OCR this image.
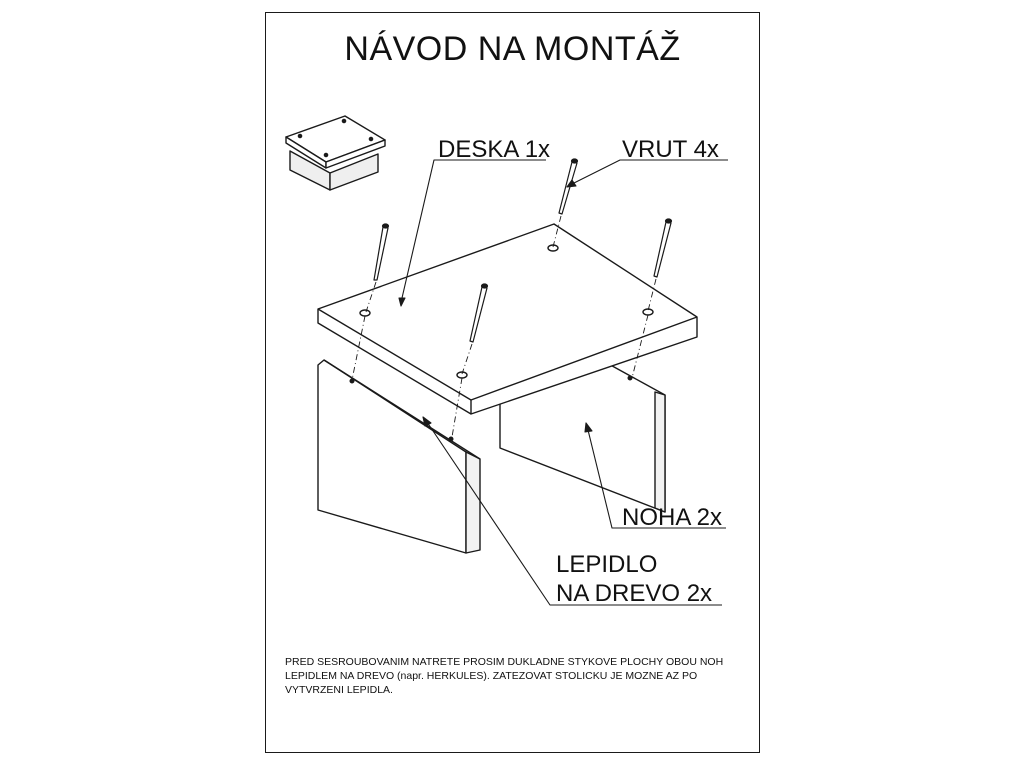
NÁVOD NA MONTÁŽ
DESKA 1x	VRUT 4x
NOHA 2x
LEPIDLO
NA DREVO 2x
PRED SESROUBOVANIM NATRETE PROSIM DUKLADNE STYKOVE PLOCHY OBOU NOH LEPIDLEM NA DREVO (napr. HERKULES). ZATEZOVAT STOLICKU JE MOZNE AZ PO VYTVRZENI LEPIDLA.
